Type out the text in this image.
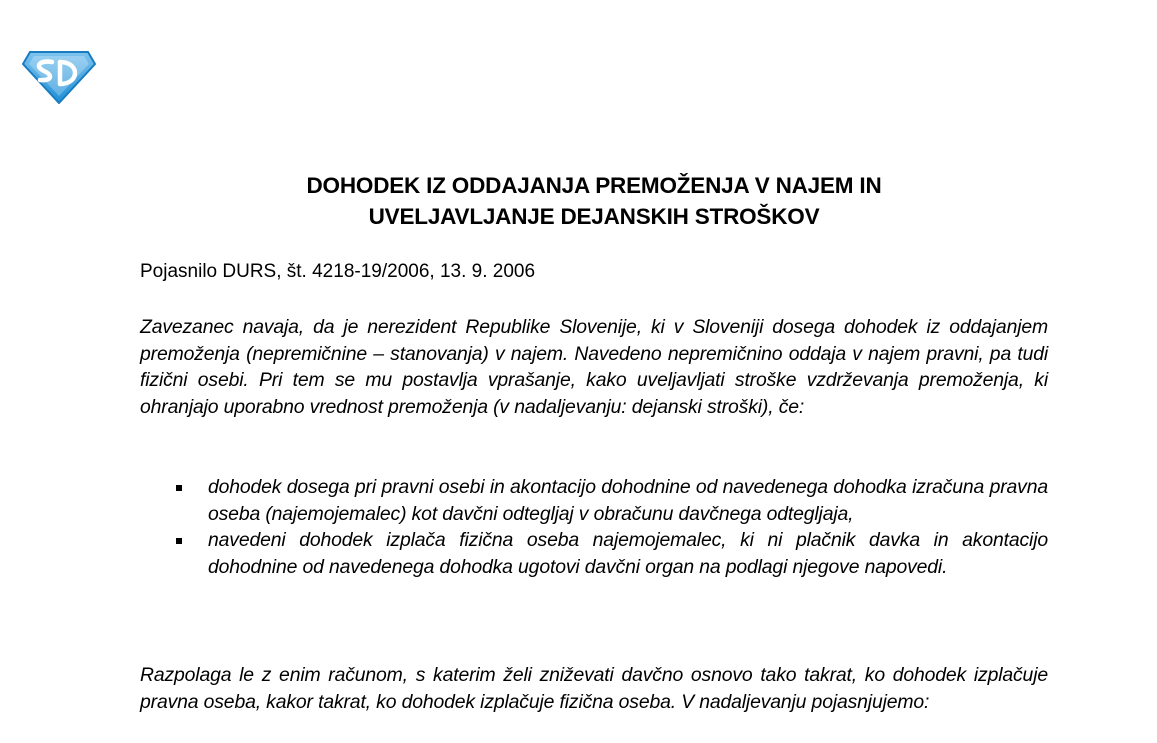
DOHODEK IZ ODDAJANJA PREMOŽENJA V NAJEM IN
UVELJAVLJANJE DEJANSKIH STROŠKOV
Pojasnilo DURS, št. 4218-19/2006, 13. 9. 2006

Zavezanec navaja, da je nerezident Republike Slovenije, ki v Sloveniji dosega dohodek iz oddajanjem premoženja (nepremičnine – stanovanja) v najem. Navedeno nepremičnino oddaja v najem pravni, pa tudi fizični osebi. Pri tem se mu postavlja vprašanje, kako uveljavljati stroške vzdrževanja premoženja, ki ohranjajo uporabno vrednost premoženja (v nadaljevanju: dejanski stroški), če:

dohodek dosega pri pravni osebi in akontacijo dohodnine od navedenega dohodka izračuna pravna oseba (najemojemalec) kot davčni odtegljaj v obračunu davčnega odtegljaja,
navedeni dohodek izplača fizična oseba najemojemalec, ki ni plačnik davka in akontacijo dohodnine od navedenega dohodka ugotovi davčni organ na podlagi njegove napovedi.

Razpolaga le z enim računom, s katerim želi zniževati davčno osnovo tako takrat, ko dohodek izplačuje pravna oseba, kakor takrat, ko dohodek izplačuje fizična oseba. V nadaljevanju pojasnjujemo:
